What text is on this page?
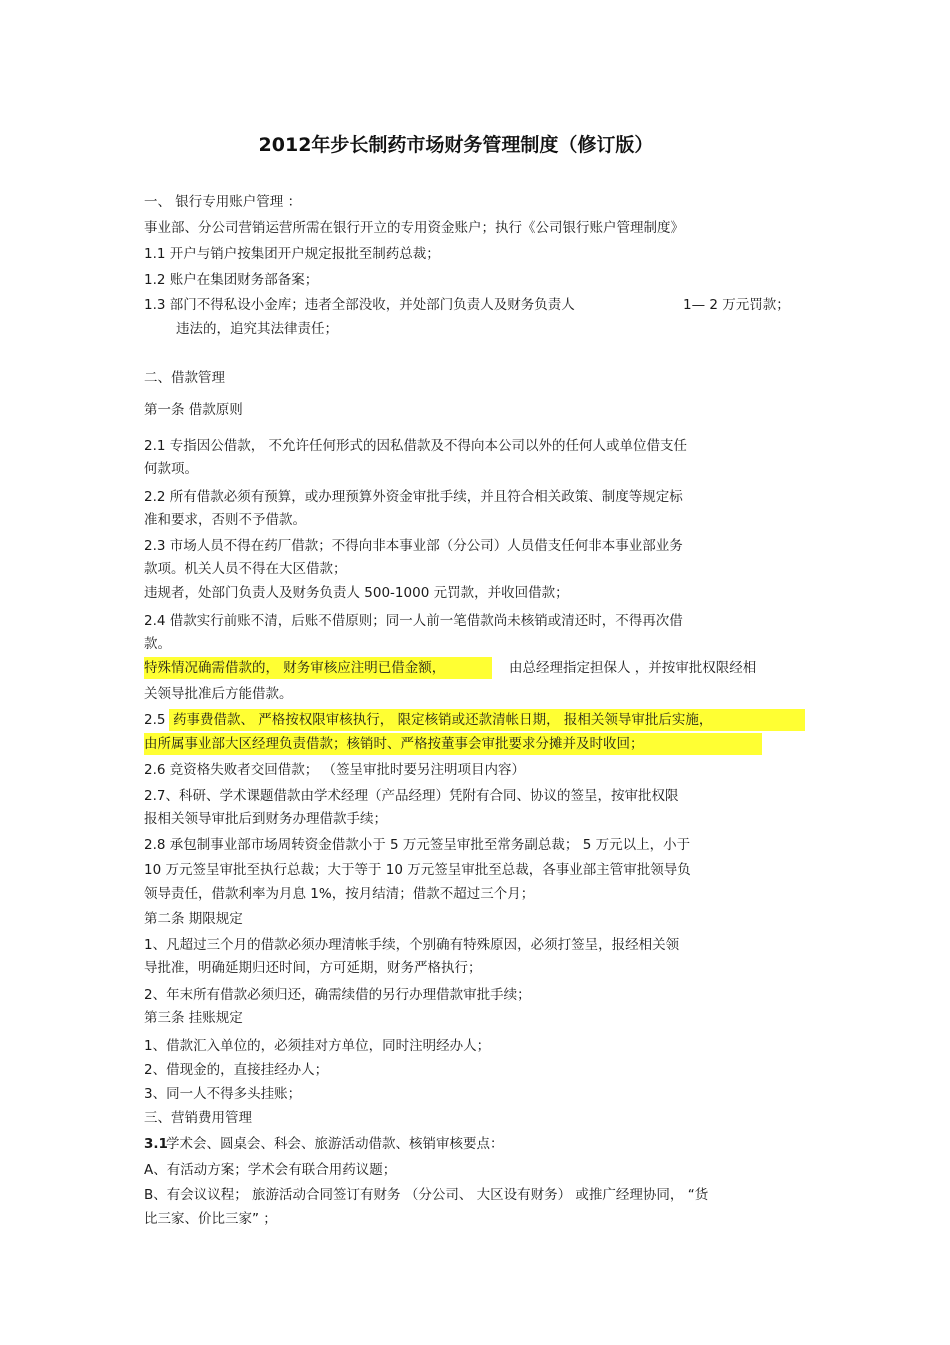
2012年步长制药市场财务管理制度（修订版）
一、 银行专用账户管理 ：
事业部、分公司营销运营所需在银行开立的专用资金账户；执行《公司银行账户管理制度》
1.1 开户与销户按集团开户规定报批至制药总裁；
1.2 账户在集团财务部备案；
1.3 部门不得私设小金库；违者全部没收，并处部门负责人及财务负责人	1— 2 万元罚款；
违法的，追究其法律责任；
二、借款管理
第一条 借款原则
2.1 专指因公借款， 不允许任何形式的因私借款及不得向本公司以外的任何人或单位借支任
何款项。
2.2 所有借款必须有预算，或办理预算外资金审批手续，并且符合相关政策、制度等规定标
准和要求，否则不予借款。
2.3 市场人员不得在药厂借款；不得向非本事业部（分公司）人员借支任何非本事业部业务
款项。机关人员不得在大区借款；
违规者，处部门负责人及财务负责人 500-1000 元罚款，并收回借款；
2.4 借款实行前账不清，后账不借原则；同一人前一笔借款尚未核销或清还时，不得再次借
款。
特殊情况确需借款的， 财务审核应注明已借金额，	由总经理指定担保人 ，并按审批权限经相
关领导批准后方能借款。
2.5 药事费借款、 严格按权限审核执行， 限定核销或还款清帐日期， 报相关领导审批后实施，
由所属事业部大区经理负责借款；核销时、严格按董事会审批要求分摊并及时收回；
2.6 竞资格失败者交回借款； （签呈审批时要另注明项目内容）
2.7、科研、学术课题借款由学术经理（产品经理）凭附有合同、协议的签呈，按审批权限
报相关领导审批后到财务办理借款手续；
2.8 承包制事业部市场周转资金借款小于 5 万元签呈审批至常务副总裁； 5 万元以上，小于
10 万元签呈审批至执行总裁；大于等于 10 万元签呈审批至总裁，各事业部主管审批领导负
领导责任，借款利率为月息 1%，按月结清；借款不超过三个月；
第二条 期限规定
1、凡超过三个月的借款必须办理清帐手续，个别确有特殊原因，必须打签呈，报经相关领
导批准，明确延期归还时间，方可延期，财务严格执行；
2、年末所有借款必须归还，确需续借的另行办理借款审批手续；
第三条 挂账规定
1、借款汇入单位的，必须挂对方单位，同时注明经办人；
2、借现金的，直接挂经办人；
3、同一人不得多头挂账；
三、营销费用管理
3.1
学术会、圆桌会、科会、旅游活动借款、核销审核要点：
A、有活动方案；学术会有联合用药议题；
B、有会议议程； 旅游活动合同签订有财务 （分公司、 大区设有财务） 或推广经理协同， “货
比三家、价比三家” ；
